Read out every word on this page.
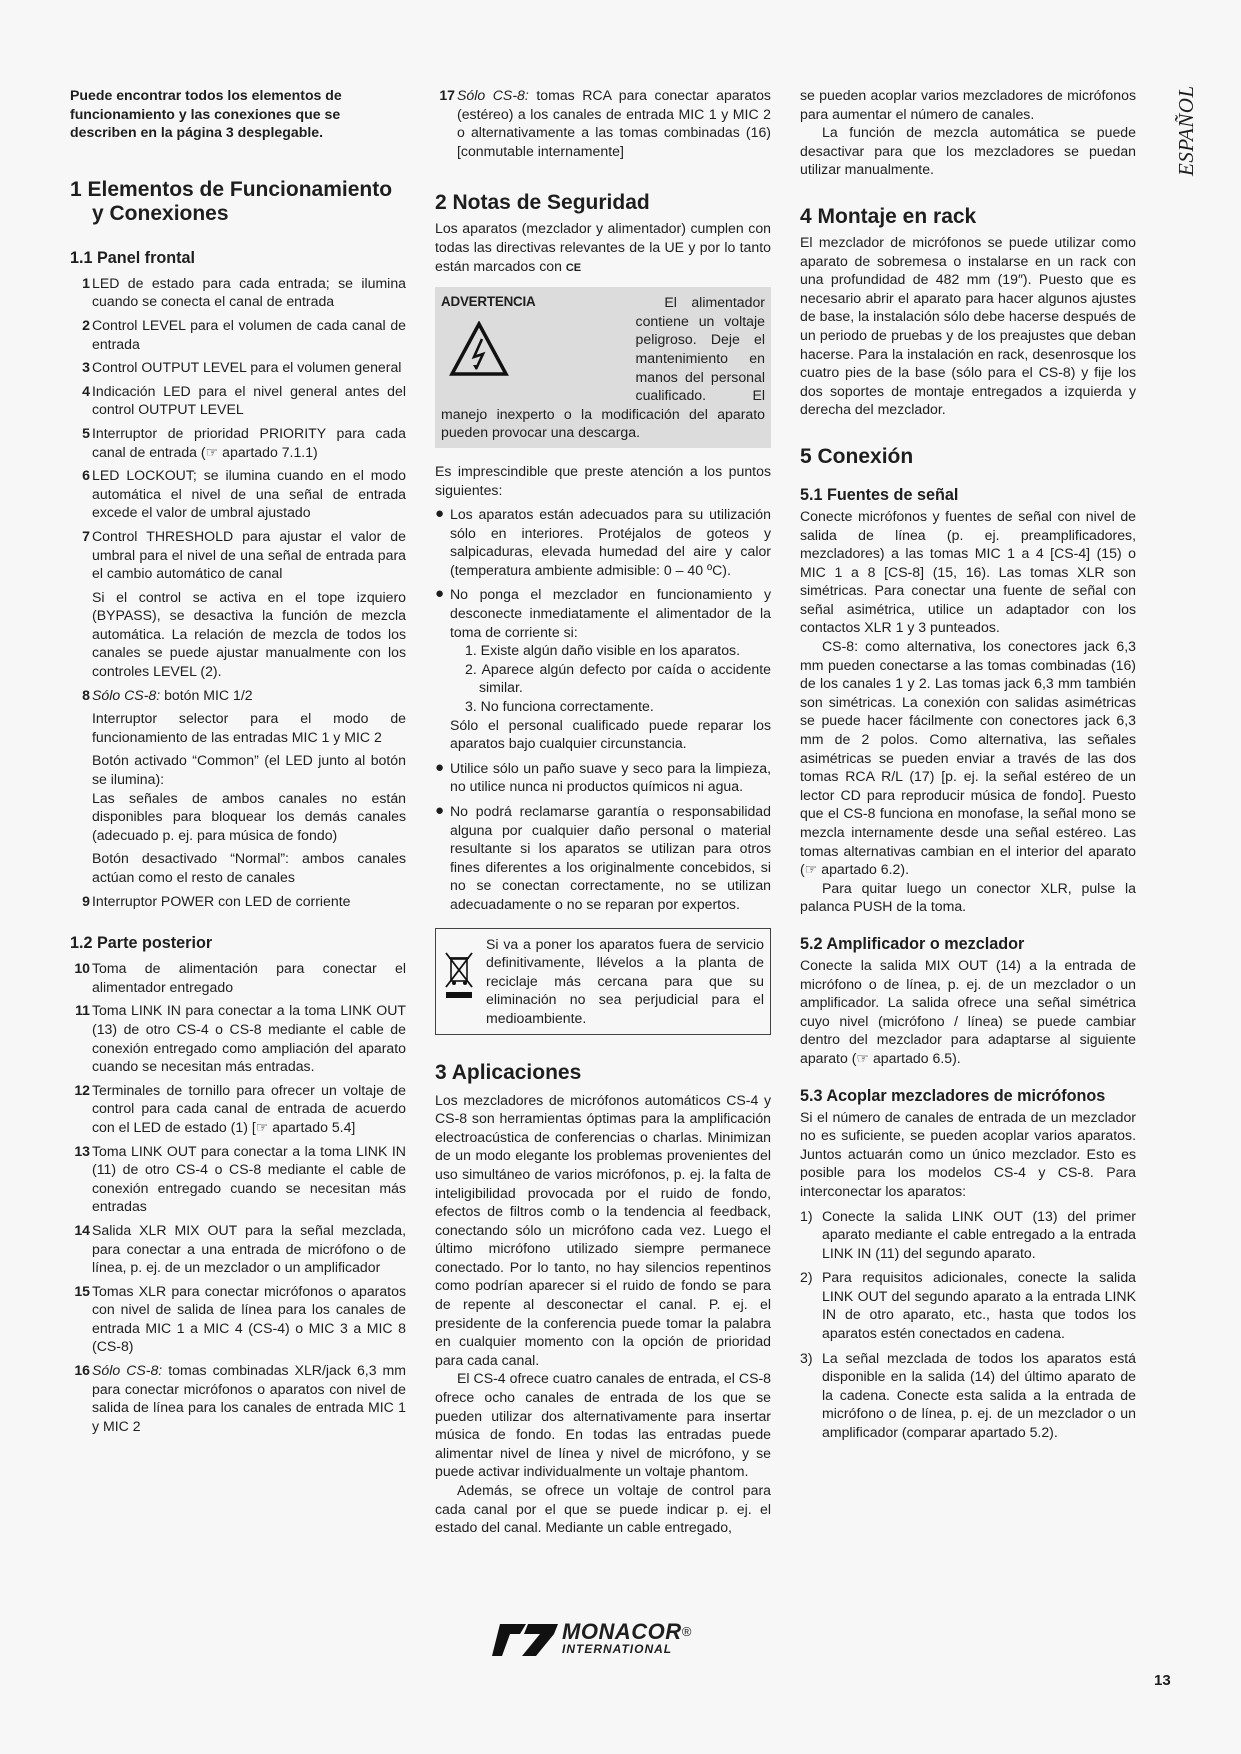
ESPAÑOL

Puede encontrar todos los elementos de funcionamiento y las conexiones que se describen en la página 3 desplegable.

1 Elementos de Funcionamiento
y Conexiones
1.1 Panel frontal
1 LED de estado para cada entrada; se ilumina cuando se conecta el canal de entrada

2 Control LEVEL para el volumen de cada canal de entrada

3 Control OUTPUT LEVEL para el volumen general

4 Indicación LED para el nivel general antes del control OUTPUT LEVEL

5 Interruptor de prioridad PRIORITY para cada canal de entrada (☞ apartado 7.1.1)

6 LED LOCKOUT; se ilumina cuando en el modo automática el nivel de una señal de entrada excede el valor de umbral ajustado

7 Control THRESHOLD para ajustar el valor de umbral para el nivel de una señal de entrada para el cambio automático de canal

Si el control se activa en el tope izquiero (BYPASS), se desactiva la función de mezcla automática. La relación de mezcla de todos los canales se puede ajustar manualmente con los controles LEVEL (2).

8 Sólo CS-8: botón MIC 1/2

Interruptor selector para el modo de funcionamiento de las entradas MIC 1 y MIC 2

Botón activado “Common” (el LED junto al botón se ilumina):

Las señales de ambos canales no están disponibles para bloquear los demás canales (adecuado p. ej. para música de fondo)

Botón desactivado “Normal”: ambos canales actúan como el resto de canales

9 Interruptor POWER con LED de corriente

1.2 Parte posterior
10 Toma de alimentación para conectar el alimentador entregado

11 Toma LINK IN para conectar a la toma LINK OUT (13) de otro CS-4 o CS-8 mediante el cable de conexión entregado como ampliación del aparato cuando se necesitan más entradas.

12 Terminales de tornillo para ofrecer un voltaje de control para cada canal de entrada de acuerdo con el LED de estado (1) [☞ apartado 5.4]

13 Toma LINK OUT para conectar a la toma LINK IN (11) de otro CS-4 o CS-8 mediante el cable de conexión entregado cuando se necesitan más entradas

14 Salida XLR MIX OUT para la señal mezclada, para conectar a una entrada de micrófono o de línea, p. ej. de un mezclador o un amplificador

15 Tomas XLR para conectar micrófonos o aparatos con nivel de salida de línea para los canales de entrada MIC 1 a MIC 4 (CS-4) o MIC 3 a MIC 8 (CS-8)

16 Sólo CS-8: tomas combinadas XLR/jack 6,3 mm para conectar micrófonos o aparatos con nivel de salida de línea para los canales de entrada MIC 1 y MIC 2

17 Sólo CS-8: tomas RCA para conectar aparatos (estéreo) a los canales de entrada MIC 1 y MIC 2 o alternativamente a las tomas combinadas (16) [conmutable internamente]

2 Notas de Seguridad

Los aparatos (mezclador y alimentador) cumplen con todas las directivas relevantes de la UE y por lo tanto están marcados con CE

ADVERTENCIA	El alimentador contiene un voltaje peligroso. Deje el mantenimiento en manos del personal cualificado. El manejo inexperto o la modificación del aparato pueden provocar una descarga.

Es imprescindible que preste atención a los puntos siguientes:

● Los aparatos están adecuados para su utilización sólo en interiores. Protéjalos de goteos y salpicaduras, elevada humedad del aire y calor (temperatura ambiente admisible: 0 – 40 ºC).

● No ponga el mezclador en funcionamiento y desconecte inmediatamente el alimentador de la toma de corriente si:

1. Existe algún daño visible en los aparatos.

2. Aparece algún defecto por caída o accidente similar.

3. No funciona correctamente.

Sólo el personal cualificado puede reparar los aparatos bajo cualquier circunstancia.

● Utilice sólo un paño suave y seco para la limpieza, no utilice nunca ni productos químicos ni agua.

● No podrá reclamarse garantía o responsabilidad alguna por cualquier daño personal o material resultante si los aparatos se utilizan para otros fines diferentes a los originalmente concebidos, si no se conectan correctamente, no se utilizan adecuadamente o no se reparan por expertos.

Si va a poner los aparatos fuera de servicio definitivamente, llévelos a la planta de reciclaje más cercana para que su eliminación no sea perjudicial para el medioambiente.

3 Aplicaciones

Los mezcladores de micrófonos automáticos CS-4 y CS-8 son herramientas óptimas para la amplificación electroacústica de conferencias o charlas. Minimizan de un modo elegante los problemas provenientes del uso simultáneo de varios micrófonos, p. ej. la falta de inteligibilidad provocada por el ruido de fondo, efectos de filtros comb o la tendencia al feedback, conectando sólo un micrófono cada vez. Luego el último micrófono utilizado siempre permanece conectado. Por lo tanto, no hay silencios repentinos como podrían aparecer si el ruido de fondo se para de repente al desconectar el canal. P. ej. el presidente de la conferencia puede tomar la palabra en cualquier momento con la opción de prioridad para cada canal.

El CS-4 ofrece cuatro canales de entrada, el CS-8 ofrece ocho canales de entrada de los que se pueden utilizar dos alternativamente para insertar música de fondo. En todas las entradas puede alimentar nivel de línea y nivel de micrófono, y se puede activar individualmente un voltaje phantom.

Además, se ofrece un voltaje de control para cada canal por el que se puede indicar p. ej. el estado del canal. Mediante un cable entregado,

se pueden acoplar varios mezcladores de micrófonos para aumentar el número de canales.

La función de mezcla automática se puede desactivar para que los mezcladores se puedan utilizar manualmente.

4 Montaje en rack

El mezclador de micrófonos se puede utilizar como aparato de sobremesa o instalarse en un rack con una profundidad de 482 mm (19″). Puesto que es necesario abrir el aparato para hacer algunos ajustes de base, la instalación sólo debe hacerse después de un periodo de pruebas y de los preajustes que deban hacerse. Para la instalación en rack, desenrosque los cuatro pies de la base (sólo para el CS-8) y fije los dos soportes de montaje entregados a izquierda y derecha del mezclador.

5 Conexión
5.1 Fuentes de señal

Conecte micrófonos y fuentes de señal con nivel de salida de línea (p. ej. preamplificadores, mezcladores) a las tomas MIC 1 a 4 [CS-4] (15) o MIC 1 a 8 [CS-8] (15, 16). Las tomas XLR son simétricas. Para conectar una fuente de señal con señal asimétrica, utilice un adaptador con los contactos XLR 1 y 3 punteados.

CS-8: como alternativa, los conectores jack 6,3 mm pueden conectarse a las tomas combinadas (16) de los canales 1 y 2. Las tomas jack 6,3 mm también son simétricas. La conexión con salidas asimétricas se puede hacer fácilmente con conectores jack 6,3 mm de 2 polos. Como alternativa, las señales asimétricas se pueden enviar a través de las dos tomas RCA R/L (17) [p. ej. la señal estéreo de un lector CD para reproducir música de fondo]. Puesto que el CS-8 funciona en monofase, la señal mono se mezcla internamente desde una señal estéreo. Las tomas alternativas cambian en el interior del aparato (☞ apartado 6.2).

Para quitar luego un conector XLR, pulse la palanca PUSH de la toma.

5.2 Amplificador o mezclador

Conecte la salida MIX OUT (14) a la entrada de micrófono o de línea, p. ej. de un mezclador o un amplificador. La salida ofrece una señal simétrica cuyo nivel (micrófono / línea) se puede cambiar dentro del mezclador para adaptarse al siguiente aparato (☞ apartado 6.5).

5.3 Acoplar mezcladores de micrófonos

Si el número de canales de entrada de un mezclador no es suficiente, se pueden acoplar varios aparatos. Juntos actuarán como un único mezclador. Esto es posible para los modelos CS-4 y CS-8. Para interconectar los aparatos:

1) Conecte la salida LINK OUT (13) del primer aparato mediante el cable entregado a la entrada LINK IN (11) del segundo aparato.

2) Para requisitos adicionales, conecte la salida LINK OUT del segundo aparato a la entrada LINK IN de otro aparato, etc., hasta que todos los aparatos estén conectados en cadena.

3) La señal mezclada de todos los aparatos está disponible en la salida (14) del último aparato de la cadena. Conecte esta salida a la entrada de micrófono o de línea, p. ej. de un mezclador o un amplificador (comparar apartado 5.2).

MONACOR®
INTERNATIONAL
13
